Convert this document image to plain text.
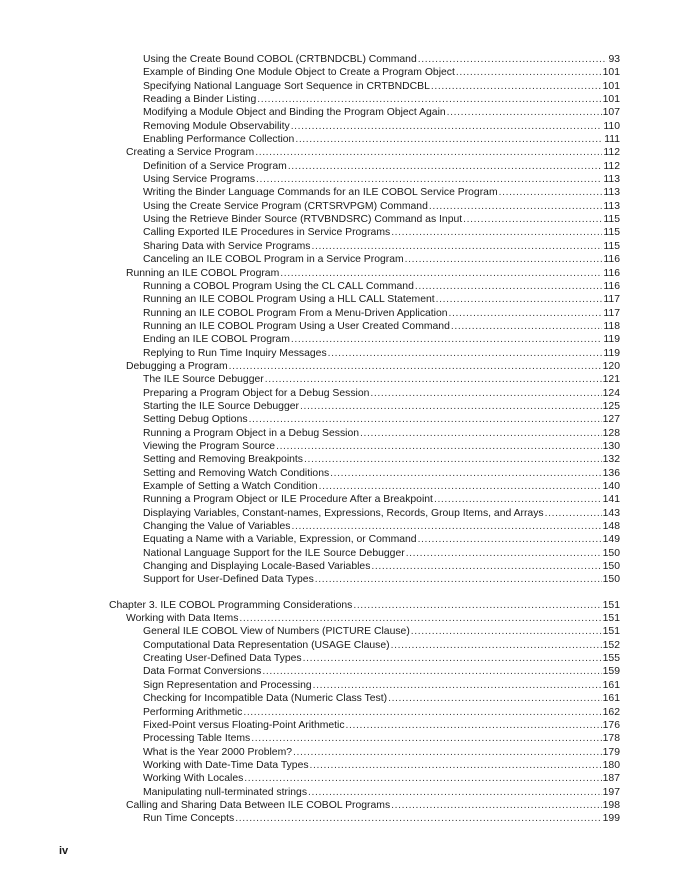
Using the Create Bound COBOL (CRTBNDCBL) Command .....	93
Example of Binding One Module Object to Create a Program Object .....	101
Specifying National Language Sort Sequence in CRTBNDCBL .....	101
Reading a Binder Listing .....	101
Modifying a Module Object and Binding the Program Object Again .....	107
Removing Module Observability .....	110
Enabling Performance Collection .....	111
Creating a Service Program .....	112
Definition of a Service Program .....	112
Using Service Programs .....	113
Writing the Binder Language Commands for an ILE COBOL Service Program .....	113
Using the Create Service Program (CRTSRVPGM) Command .....	113
Using the Retrieve Binder Source (RTVBNDSRC) Command as Input .....	115
Calling Exported ILE Procedures in Service Programs .....	115
Sharing Data with Service Programs .....	115
Canceling an ILE COBOL Program in a Service Program .....	116
Running an ILE COBOL Program .....	116
Running a COBOL Program Using the CL CALL Command .....	116
Running an ILE COBOL Program Using a HLL CALL Statement .....	117
Running an ILE COBOL Program From a Menu-Driven Application .....	117
Running an ILE COBOL Program Using a User Created Command .....	118
Ending an ILE COBOL Program .....	119
Replying to Run Time Inquiry Messages .....	119
Debugging a Program .....	120
The ILE Source Debugger .....	121
Preparing a Program Object for a Debug Session .....	124
Starting the ILE Source Debugger .....	125
Setting Debug Options .....	127
Running a Program Object in a Debug Session .....	128
Viewing the Program Source .....	130
Setting and Removing Breakpoints .....	132
Setting and Removing Watch Conditions .....	136
Example of Setting a Watch Condition .....	140
Running a Program Object or ILE Procedure After a Breakpoint .....	141
Displaying Variables, Constant-names, Expressions, Records, Group Items, and Arrays .....	143
Changing the Value of Variables .....	148
Equating a Name with a Variable, Expression, or Command .....	149
National Language Support for the ILE Source Debugger .....	150
Changing and Displaying Locale-Based Variables .....	150
Support for User-Defined Data Types .....	150
Chapter 3. ILE COBOL Programming Considerations .....	151
Working with Data Items .....	151
General ILE COBOL View of Numbers (PICTURE Clause) .....	151
Computational Data Representation (USAGE Clause) .....	152
Creating User-Defined Data Types .....	155
Data Format Conversions .....	159
Sign Representation and Processing .....	161
Checking for Incompatible Data (Numeric Class Test) .....	161
Performing Arithmetic .....	162
Fixed-Point versus Floating-Point Arithmetic .....	176
Processing Table Items .....	178
What is the Year 2000 Problem? .....	179
Working with Date-Time Data Types .....	180
Working With Locales .....	187
Manipulating null-terminated strings .....	197
Calling and Sharing Data Between ILE COBOL Programs .....	198
Run Time Concepts .....	199
iv
